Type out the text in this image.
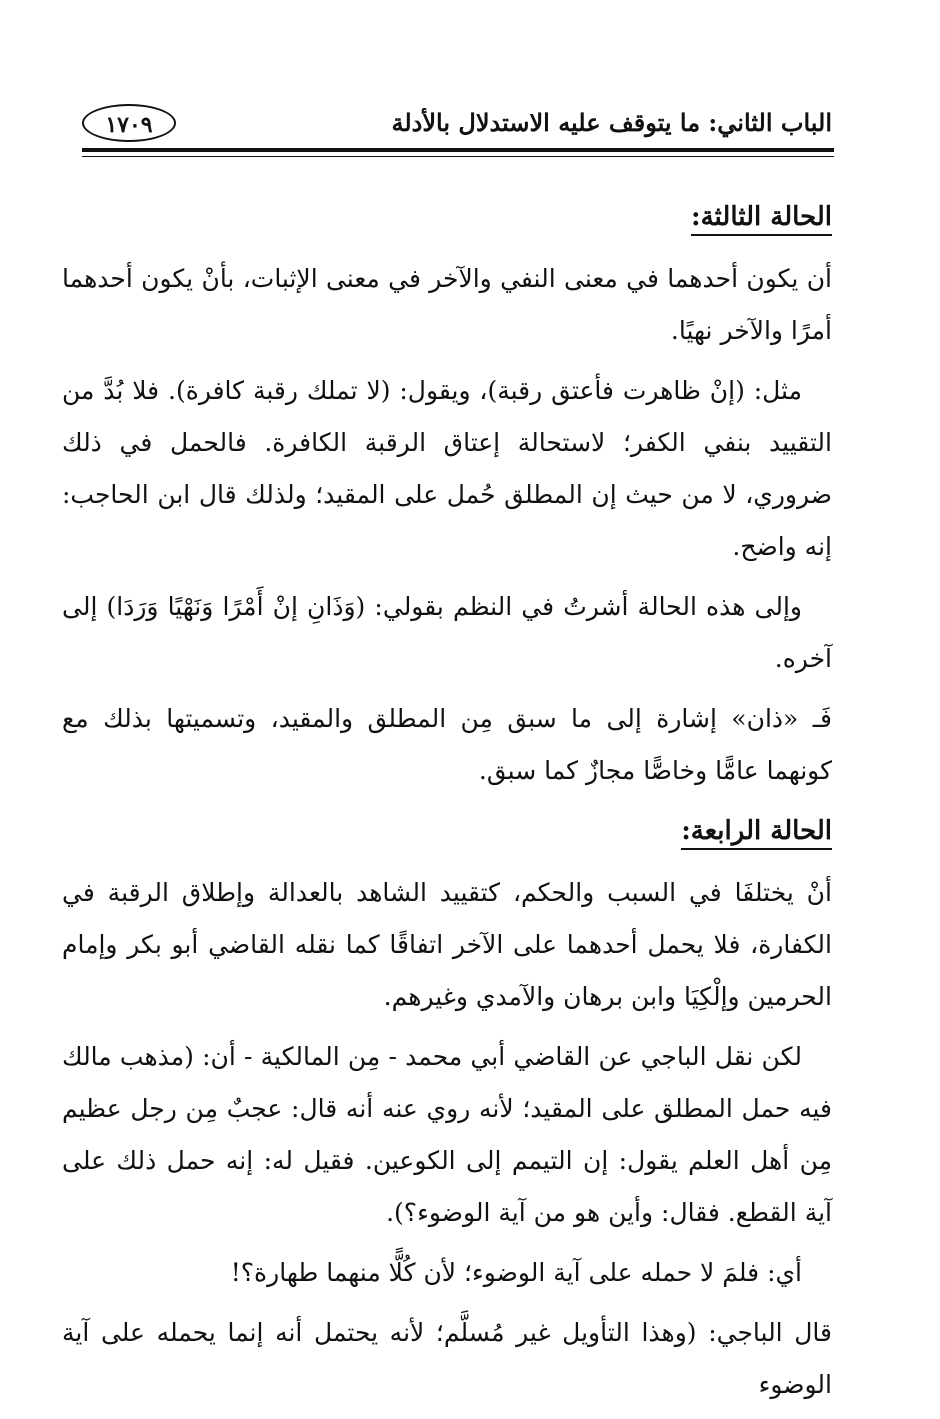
الباب الثاني: ما يتوقف عليه الاستدلال بالأدلة
١٧٠٩
الحالة الثالثة:

أن يكون أحدهما في معنى النفي والآخر في معنى الإثبات، بأنْ يكون أحدهما أمرًا والآخر نهيًا.

مثل: (إنْ ظاهرت فأعتق رقبة)، ويقول: (لا تملك رقبة كافرة). فلا بُدَّ من التقييد بنفي الكفر؛ لاستحالة إعتاق الرقبة الكافرة. فالحمل في ذلك ضروري، لا من حيث إن المطلق حُمل على المقيد؛ ولذلك قال ابن الحاجب: إنه واضح.

وإلى هذه الحالة أشرتُ في النظم بقولي: (وَذَانِ إنْ أَمْرًا وَنَهْيًا وَرَدَا) إلى آخره.

فَـ «ذان» إشارة إلى ما سبق مِن المطلق والمقيد، وتسميتها بذلك مع كونهما عامًّا وخاصًّا مجازٌ كما سبق.

الحالة الرابعة:

أنْ يختلفَا في السبب والحكم، كتقييد الشاهد بالعدالة وإطلاق الرقبة في الكفارة، فلا يحمل أحدهما على الآخر اتفاقًا كما نقله القاضي أبو بكر وإمام الحرمين وإلْكِيَا وابن برهان والآمدي وغيرهم.

لكن نقل الباجي عن القاضي أبي محمد - مِن المالكية - أن: (مذهب مالك فيه حمل المطلق على المقيد؛ لأنه روي عنه أنه قال: عجبٌ مِن رجل عظيم مِن أهل العلم يقول: إن التيمم إلى الكوعين. فقيل له: إنه حمل ذلك على آية القطع. فقال: وأين هو من آية الوضوء؟).

أي: فلمَ لا حمله على آية الوضوء؛ لأن كُلًّا منهما طهارة؟!

قال الباجي: (وهذا التأويل غير مُسلَّم؛ لأنه يحتمل أنه إنما يحمله على آية الوضوء
